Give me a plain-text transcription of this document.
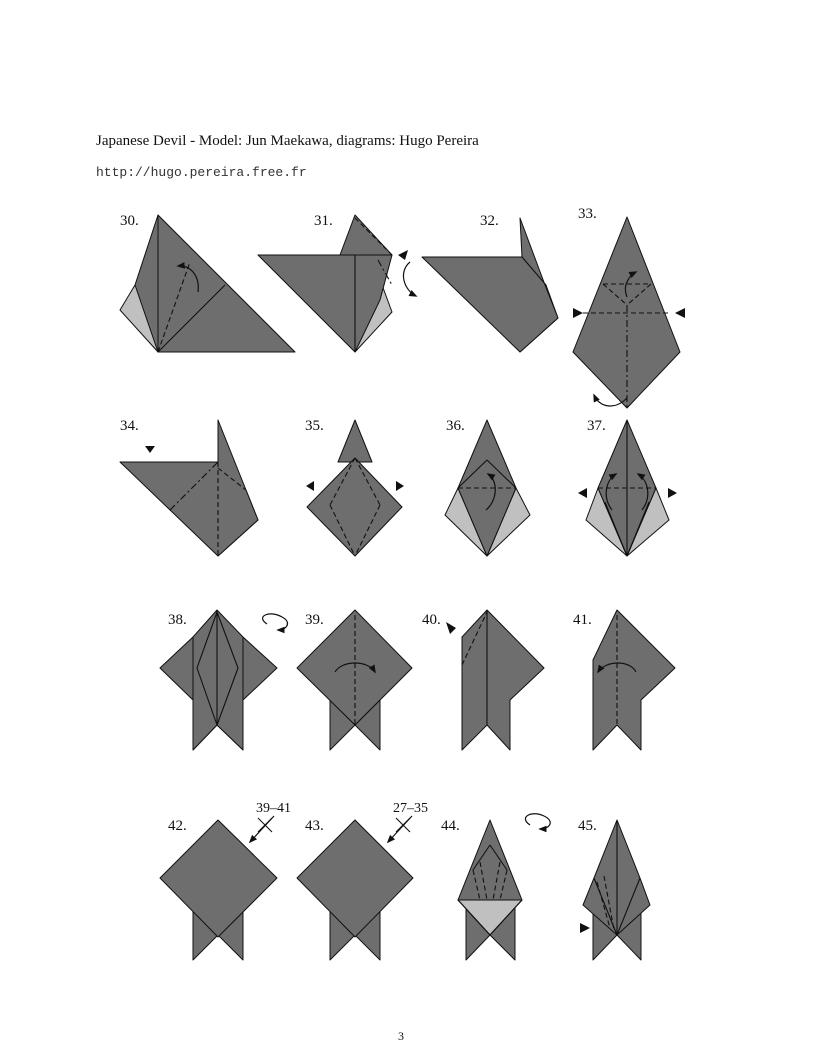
Japanese Devil - Model: Jun Maekawa, diagrams: Hugo Pereira
http://hugo.pereira.free.fr
30.	31.	32.	33.
34.	35.	36.	37.
38.	39.	40.	41.
42.
39–41
43.
27–35
44.	45.
3
